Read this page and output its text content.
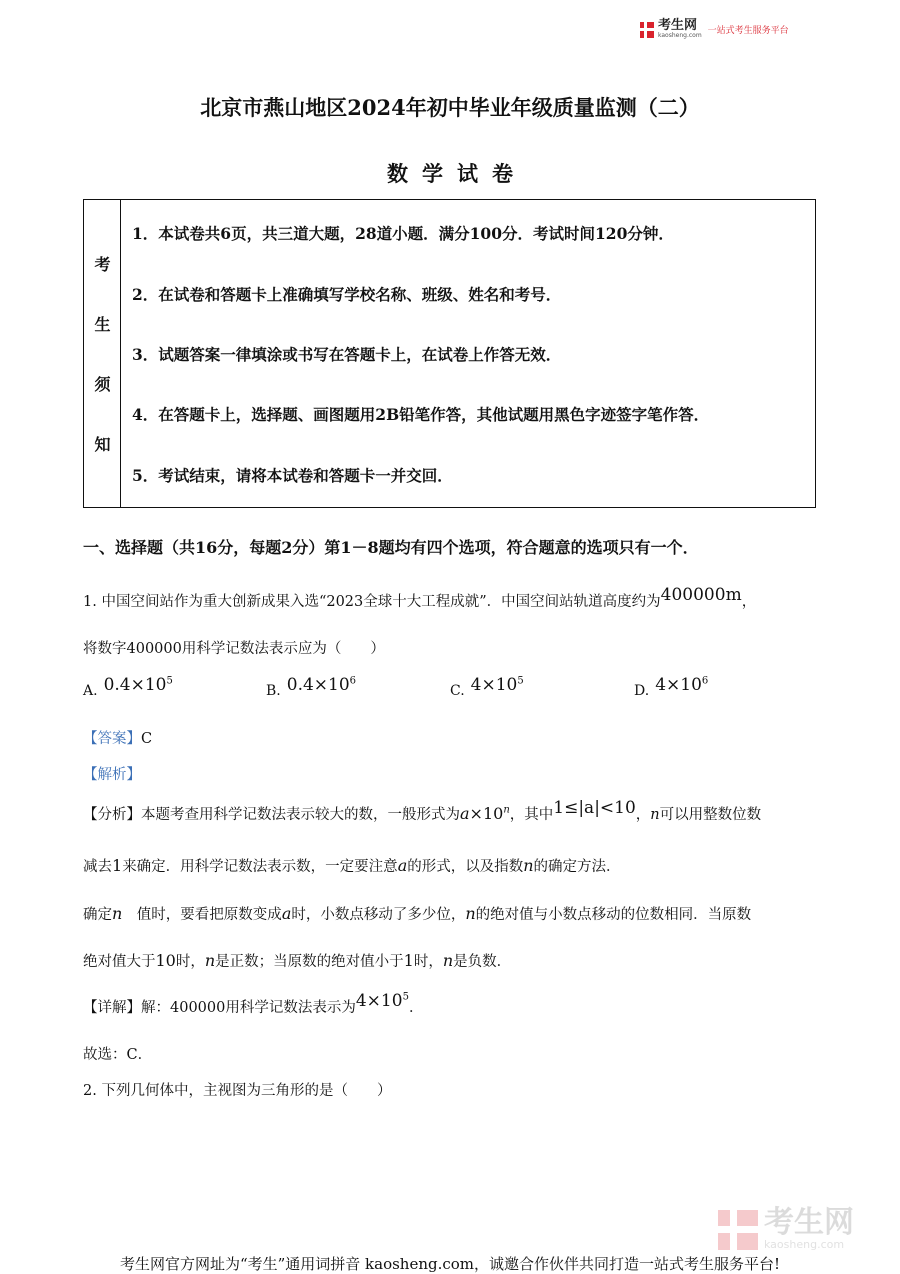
考生网
kaosheng.com 一站式考生服务平台
北京市燕山地区2024年初中毕业年级质量监测（二）
数学试卷
考
生
须
知
1．本试卷共6页，共三道大题，28道小题．满分100分．考试时间120分钟．
2．在试卷和答题卡上准确填写学校名称、班级、姓名和考号．
3．试题答案一律填涂或书写在答题卡上，在试卷上作答无效．
4．在答题卡上，选择题、画图题用2B铅笔作答，其他试题用黑色字迹签字笔作答．
5．考试结束，请将本试卷和答题卡一并交回．
一、选择题（共16分，每题2分）第1－8题均有四个选项，符合题意的选项只有一个．
1. 中国空间站作为重大创新成果入选“2023全球十大工程成就”．中国空间站轨道高度约为400000m，
将数字400000用科学记数法表示应为（　　）
A. $0.4\times 10^5$
B. $0.4\times 10^6$
C. $4\times 10^5$
D. $4\times 10^6$
【答案】C
【解析】
【分析】本题考查用科学记数法表示较大的数，一般形式为$a\times 10^n$，其中1≤|a|<10，n可以用整数位数
减去1来确定．用科学记数法表示数，一定要注意a的形式，以及指数n的确定方法．
确定n　值时，要看把原数变成a时，小数点移动了多少位，n的绝对值与小数点移动的位数相同．当原数
绝对值大于10时，n是正数；当原数的绝对值小于1时，n是负数．
【详解】解：400000用科学记数法表示为$4\times 10^5$．
故选：C．
2. 下列几何体中，主视图为三角形的是（　　）
考生网
kaosheng.com
考生网官方网址为“考生”通用词拼音 kaosheng.com，诚邀合作伙伴共同打造一站式考生服务平台!
